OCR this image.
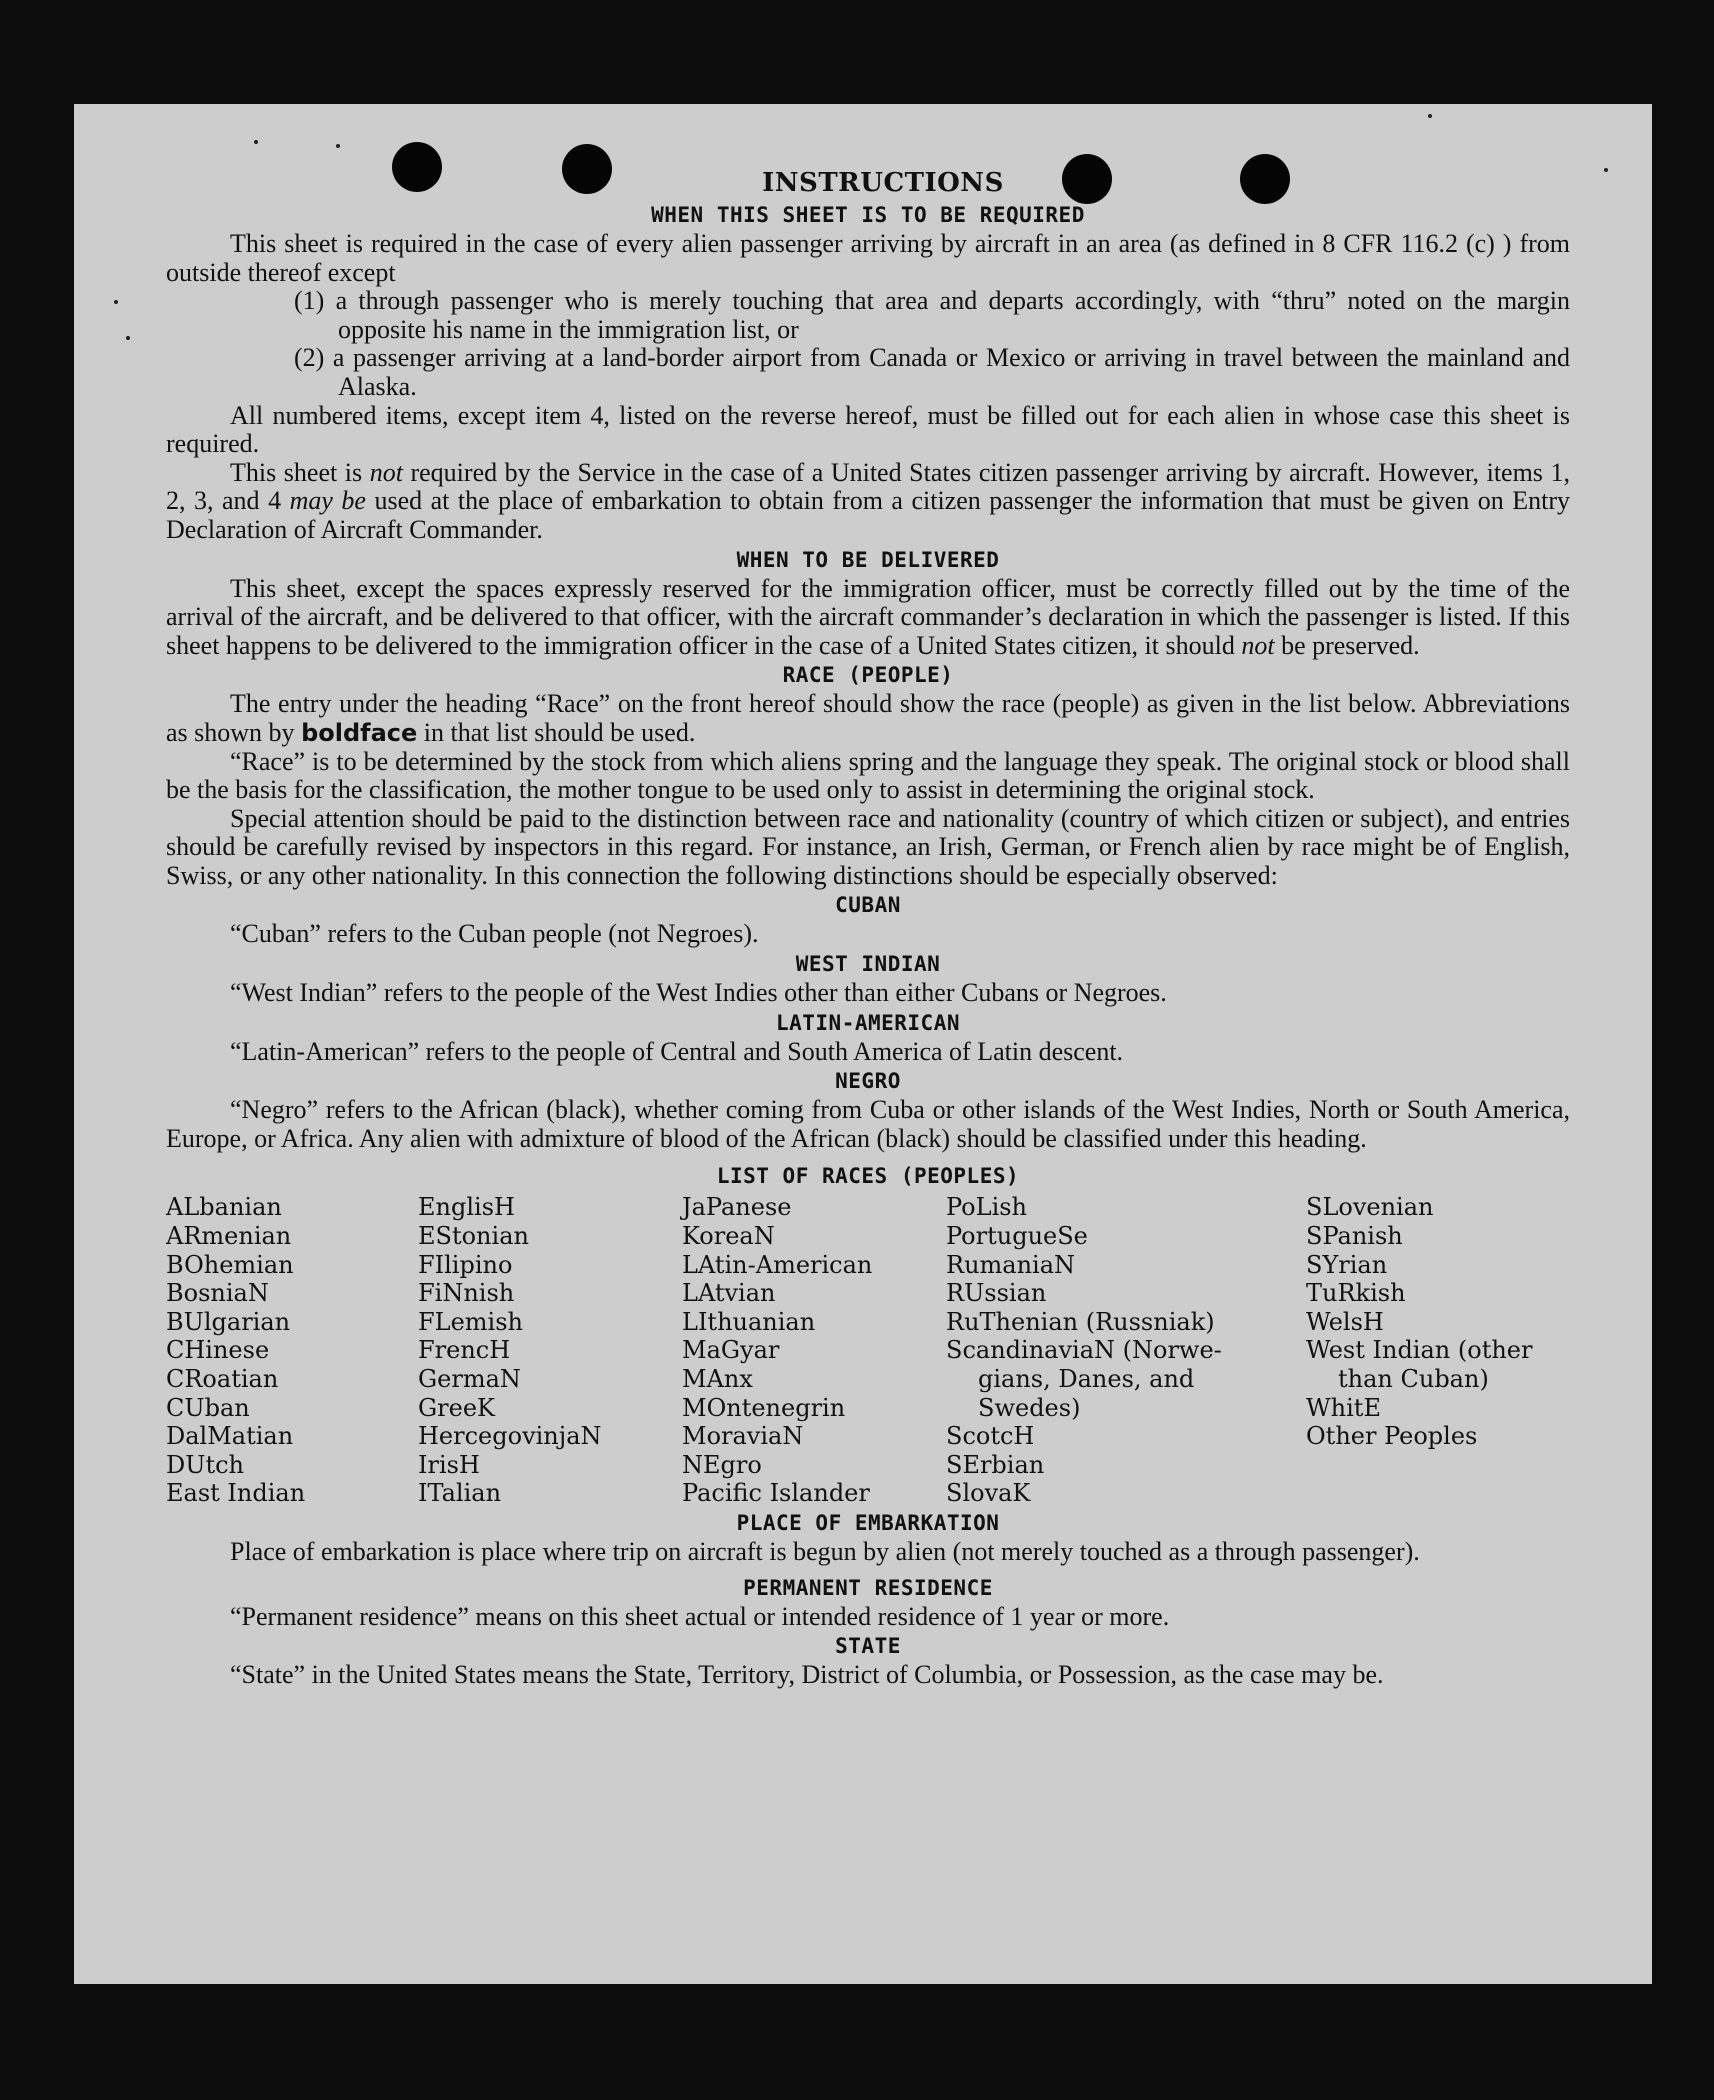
INSTRUCTIONS
WHEN THIS SHEET IS TO BE REQUIRED

This sheet is required in the case of every alien passenger arriving by aircraft in an area (as defined in 8 CFR 116.2 (c) ) from outside thereof except

(1) a through passenger who is merely touching that area and departs accordingly, with “thru” noted on the margin opposite his name in the immigration list, or

(2) a passenger arriving at a land-border airport from Canada or Mexico or arriving in travel between the mainland and Alaska.

All numbered items, except item 4, listed on the reverse hereof, must be filled out for each alien in whose case this sheet is required.

This sheet is not required by the Service in the case of a United States citizen passenger arriving by aircraft. However, items 1, 2, 3, and 4 may be used at the place of embarkation to obtain from a citizen passenger the information that must be given on Entry Declaration of Aircraft Commander.

WHEN TO BE DELIVERED

This sheet, except the spaces expressly reserved for the immigration officer, must be correctly filled out by the time of the arrival of the aircraft, and be delivered to that officer, with the aircraft commander’s declaration in which the passenger is listed. If this sheet happens to be delivered to the immigration officer in the case of a United States citizen, it should not be preserved.

RACE (PEOPLE)

The entry under the heading “Race” on the front hereof should show the race (people) as given in the list below. Abbreviations as shown by boldface in that list should be used.

“Race” is to be determined by the stock from which aliens spring and the language they speak. The original stock or blood shall be the basis for the classification, the mother tongue to be used only to assist in determining the original stock.

Special attention should be paid to the distinction between race and nationality (country of which citizen or subject), and entries should be carefully revised by inspectors in this regard. For instance, an Irish, German, or French alien by race might be of English, Swiss, or any other nationality. In this connection the following distinctions should be especially observed:

CUBAN

“Cuban” refers to the Cuban people (not Negroes).

WEST INDIAN

“West Indian” refers to the people of the West Indies other than either Cubans or Negroes.

LATIN-AMERICAN

“Latin-American” refers to the people of Central and South America of Latin descent.

NEGRO

“Negro” refers to the African (black), whether coming from Cuba or other islands of the West Indies, North or South America, Europe, or Africa. Any alien with admixture of blood of the African (black) should be classified under this heading.

LIST OF RACES (PEOPLES)
ALbanian
ARmenian
BOhemian
BosniaN
BUlgarian
CHinese
CRoatian
CUban
DalMatian
DUtch
East Indian
EnglisH
EStonian
FIlipino
FiNnish
FLemish
FrencH
GermaN
GreeK
HercegovinjaN
IrisH
ITalian
JaPanese
KoreaN
LAtin-American
LAtvian
LIthuanian
MaGyar
MAnx
MOntenegrin
MoraviaN
NEgro
Pacific Islander
PoLish
PortugueSe
RumaniaN
RUssian
RuThenian (Russniak)
ScandinaviaN (Norwe-
gians, Danes, and
Swedes)
ScotcH
SErbian
SlovaK
SLovenian
SPanish
SYrian
TuRkish
WelsH
West Indian (other
than Cuban)
WhitE
Other Peoples
PLACE OF EMBARKATION

Place of embarkation is place where trip on aircraft is begun by alien (not merely touched as a through passenger).

PERMANENT RESIDENCE

“Permanent residence” means on this sheet actual or intended residence of 1 year or more.

STATE

“State” in the United States means the State, Territory, District of Columbia, or Possession, as the case may be.
